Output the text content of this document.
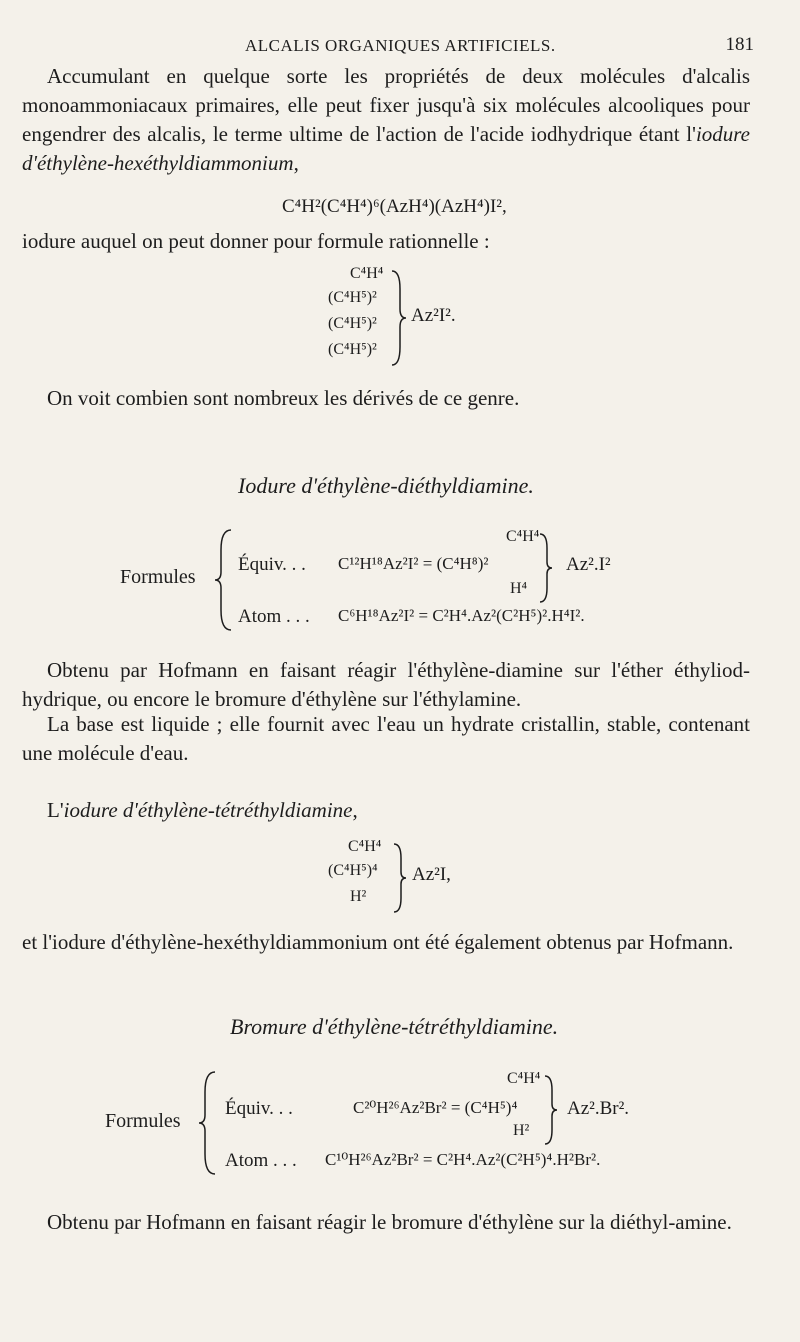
ALCALIS ORGANIQUES ARTIFICIELS.	181
Accumulant en quelque sorte les propriétés de deux molécules d'alcalis monoammoniacaux primaires, elle peut fixer jusqu'à six molécules alcooliques pour engendrer des alcalis, le terme ultime de l'action de l'acide iodhydrique étant l'iodure d'éthylène-hexéthyldiammonium,
C⁴H²(C⁴H⁴)⁶(AzH⁴)(AzH⁴)I²,
iodure auquel on peut donner pour formule rationnelle :
C⁴H⁴
(C⁴H⁵)²
(C⁴H⁵)²
(C⁴H⁵)²
Az²I².
On voit combien sont nombreux les dérivés de ce genre.
Iodure d'éthylène-diéthyldiamine.
Formules
Équiv. . . C¹²H¹⁸Az²I² = (C⁴H⁸)²
C⁴H⁴
H⁴
Az².I²
Atom . . . C⁶H¹⁸Az²I² = C²H⁴.Az²(C²H⁵)².H⁴I².
Obtenu par Hofmann en faisant réagir l'éthylène-diamine sur l'éther éthyliod-hydrique, ou encore le bromure d'éthylène sur l'éthylamine.
La base est liquide ; elle fournit avec l'eau un hydrate cristallin, stable, contenant une molécule d'eau.
L'iodure d'éthylène-tétréthyldiamine,
C⁴H⁴
(C⁴H⁵)⁴
H²
Az²I,
et l'iodure d'éthylène-hexéthyldiammonium ont été également obtenus par Hofmann.
Bromure d'éthylène-tétréthyldiamine.
Formules
Équiv. . .	C²⁰H²⁶Az²Br² = (C⁴H⁵)⁴
C⁴H⁴
H²
Az².Br².
Atom . . . C¹⁰H²⁶Az²Br² = C²H⁴.Az²(C²H⁵)⁴.H²Br².
Obtenu par Hofmann en faisant réagir le bromure d'éthylène sur la diéthyl-amine.
